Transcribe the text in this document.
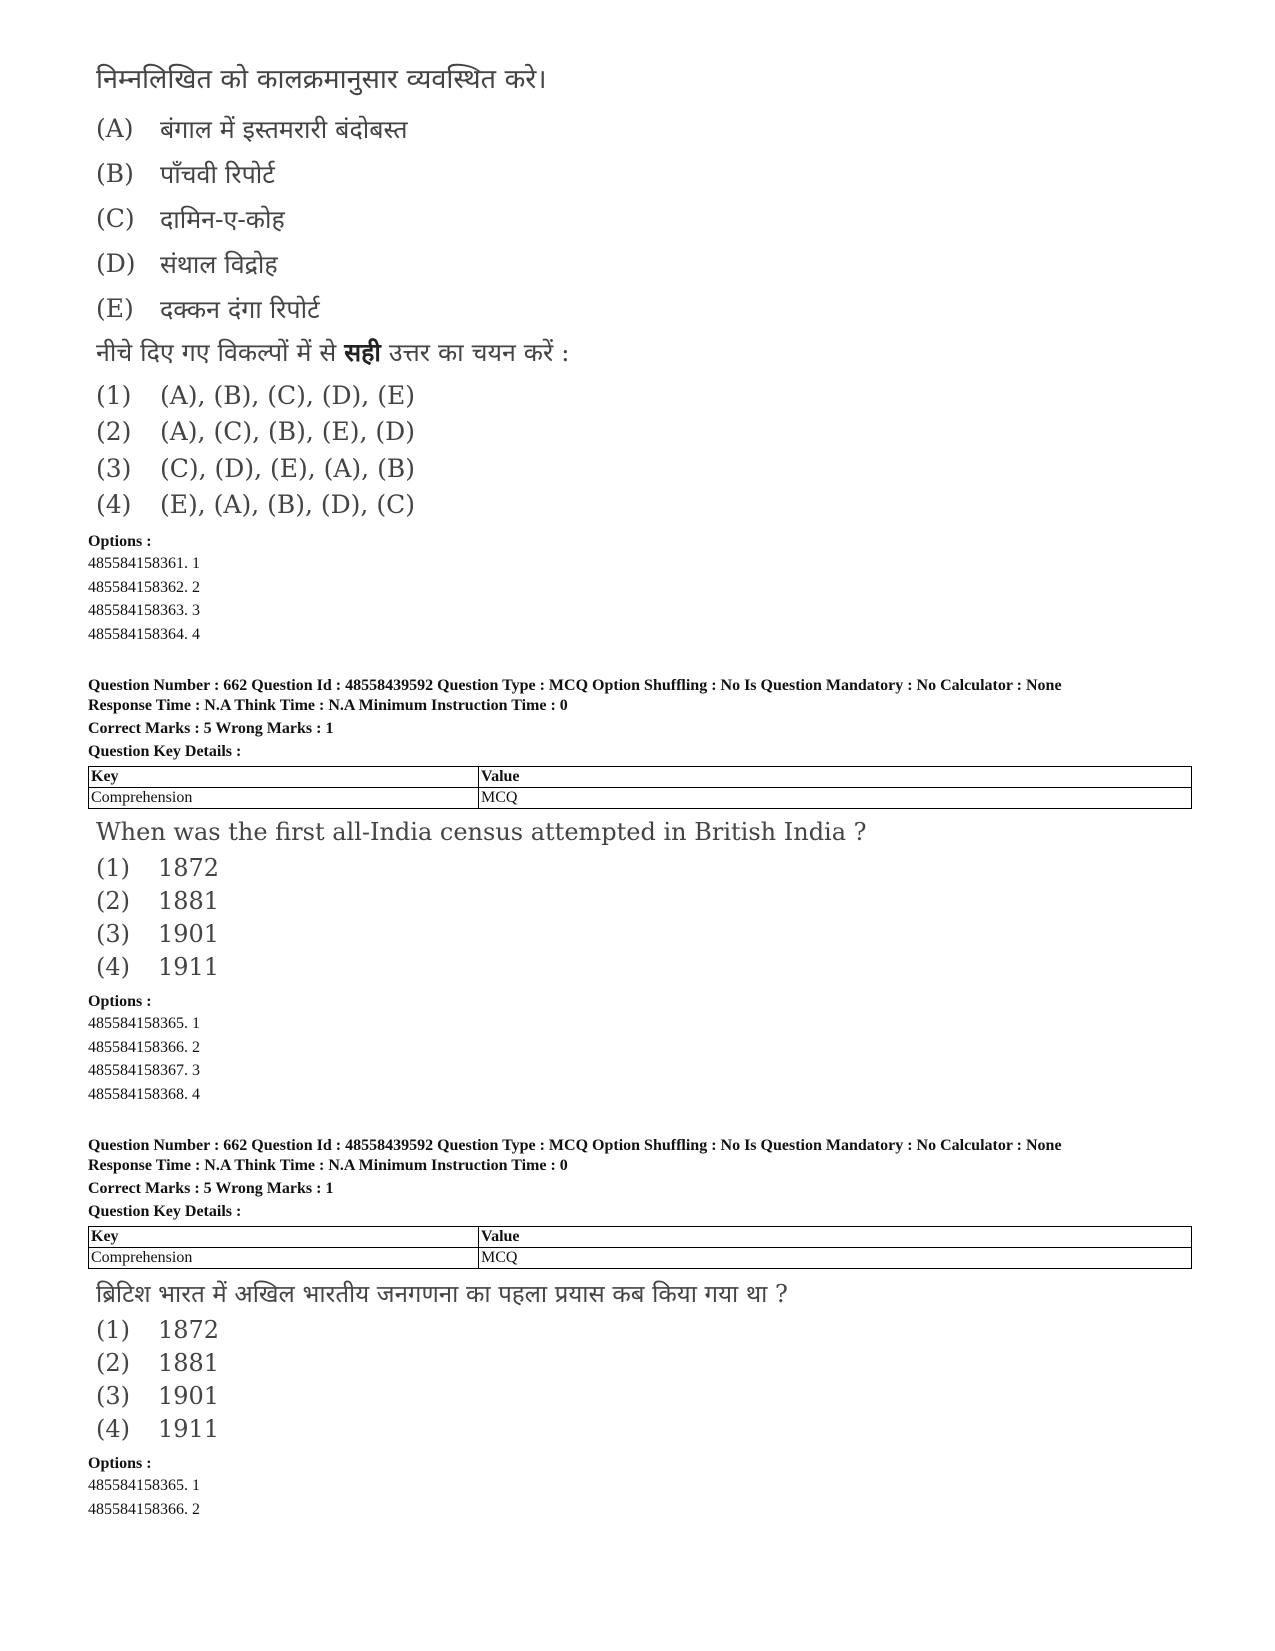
निम्नलिखित को कालक्रमानुसार व्यवस्थित करे।
(A)	बंगाल में इस्तमरारी बंदोबस्त
(B)	पाँचवी रिपोर्ट
(C)	दामिन-ए-कोह
(D) संथाल विद्रोह
(E)	दक्कन दंगा रिपोर्ट
नीचे दिए गए विकल्पों में से सही उत्तर का चयन करें :
(1)	(A), (B), (C), (D), (E)
(2)	(A), (C), (B), (E), (D)
(3)	(C), (D), (E), (A), (B)
(4)	(E), (A), (B), (D), (C)
Options :
485584158361. 1
485584158362. 2
485584158363. 3
485584158364. 4
Question Number : 662 Question Id : 48558439592 Question Type : MCQ Option Shuffling : No Is Question Mandatory : No Calculator : None
Response Time : N.A Think Time : N.A Minimum Instruction Time : 0
Correct Marks : 5 Wrong Marks : 1
Question Key Details :
Key	Value
Comprehension	MCQ
When was the first all-India census attempted in British India ?
(1)	1872
(2)	1881
(3)	1901
(4)	1911
Options :
485584158365. 1
485584158366. 2
485584158367. 3
485584158368. 4
Question Number : 662 Question Id : 48558439592 Question Type : MCQ Option Shuffling : No Is Question Mandatory : No Calculator : None
Response Time : N.A Think Time : N.A Minimum Instruction Time : 0
Correct Marks : 5 Wrong Marks : 1
Question Key Details :
Key	Value
Comprehension	MCQ
ब्रिटिश भारत में अखिल भारतीय जनगणना का पहला प्रयास कब किया गया था ?
(1)	1872
(2)	1881
(3)	1901
(4)	1911
Options :
485584158365. 1
485584158366. 2
